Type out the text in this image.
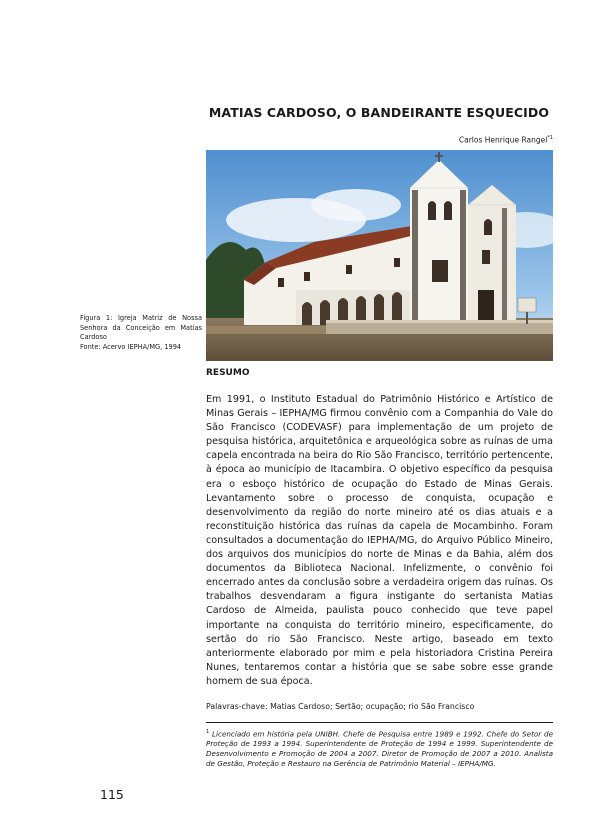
MATIAS CARDOSO, O BANDEIRANTE ESQUECIDO
Carlos Henrique Rangel$^{*1}$
Figura 1: Igreja Matriz de Nossa Senhora da Conceição em Matias Cardoso
Fonte: Acervo IEPHA/MG, 1994
RESUMO
Em 1991, o Instituto Estadual do Patrimônio Histórico e Artístico de Minas Gerais – IEPHA/MG firmou convênio com a Companhia do Vale do São Francisco (CODEVASF) para implementação de um projeto de pesquisa histórica, arquitetônica e arqueológica sobre as ruínas de uma capela encontrada na beira do Rio São Francisco, território pertencente, à época ao município de Itacambira. O objetivo específico da pesquisa era o esboço histórico de ocupação do Estado de Minas Gerais. Levantamento sobre o processo de conquista, ocupação e desenvolvimento da região do norte mineiro até os dias atuais e a reconstituição histórica das ruínas da capela de Mocambinho. Foram consultados a documentação do IEPHA/MG, do Arquivo Público Mineiro, dos arquivos dos municípios do norte de Minas e da Bahia, além dos documentos da Biblioteca Nacional. Infelizmente, o convênio foi encerrado antes da conclusão sobre a verdadeira origem das ruínas. Os trabalhos desvendaram a figura instigante do sertanista Matias Cardoso de Almeida, paulista pouco conhecido que teve papel importante na conquista do território mineiro, especificamente, do sertão do rio São Francisco. Neste artigo, baseado em texto anteriormente elaborado por mim e pela historiadora Cristina Pereira Nunes, tentaremos contar a história que se sabe sobre esse grande homem de sua época.
Palavras-chave: Matias Cardoso; Sertão; ocupação; rio São Francisco
$^1$ Licenciado em história pela UNIBH. Chefe de Pesquisa entre 1989 e 1992. Chefe do Setor de Proteção de 1993 a 1994. Superintendente de Proteção de 1994 e 1999. Superintendente de Desenvolvimento e Promoção de 2004 a 2007. Diretor de Promoção de 2007 a 2010. Analista de Gestão, Proteção e Restauro na Gerência de Patrimônio Material – IEPHA/MG.
115
